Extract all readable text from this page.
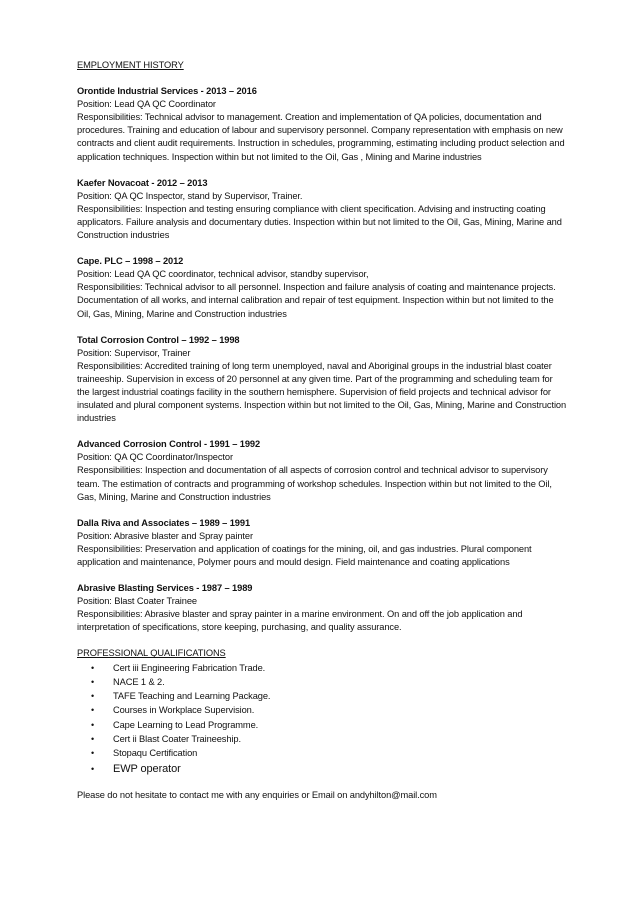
EMPLOYMENT HISTORY
Orontide Industrial Services - 2013 – 2016
Position: Lead QA QC Coordinator
Responsibilities: Technical advisor to management. Creation and implementation of QA policies, documentation and procedures. Training and education of labour and supervisory personnel. Company representation with emphasis on new contracts and client audit requirements. Instruction in schedules, programming, estimating including product selection and application techniques. Inspection within but not limited to the Oil, Gas , Mining and Marine industries
Kaefer Novacoat - 2012 – 2013
Position: QA QC Inspector, stand by Supervisor, Trainer.
Responsibilities: Inspection and testing ensuring compliance with client specification. Advising and instructing coating applicators. Failure analysis and documentary duties. Inspection within but not limited to the Oil, Gas, Mining, Marine and Construction industries
Cape. PLC – 1998 – 2012
Position: Lead QA QC coordinator, technical advisor, standby supervisor,
Responsibilities: Technical advisor to all personnel. Inspection and failure analysis of coating and maintenance projects. Documentation of all works, and internal calibration and repair of test equipment. Inspection within but not limited to the Oil, Gas, Mining, Marine and Construction industries
Total Corrosion Control – 1992 – 1998
Position: Supervisor, Trainer
Responsibilities: Accredited training of long term unemployed, naval and Aboriginal groups in the industrial blast coater traineeship. Supervision in excess of 20 personnel at any given time. Part of the programming and scheduling team for the largest industrial coatings facility in the southern hemisphere. Supervision of field projects and technical advisor for insulated and plural component systems. Inspection within but not limited to the Oil, Gas, Mining, Marine and Construction industries
Advanced Corrosion Control - 1991 – 1992
Position: QA QC Coordinator/Inspector
Responsibilities: Inspection and documentation of all aspects of corrosion control and technical advisor to supervisory team. The estimation of contracts and programming of workshop schedules. Inspection within but not limited to the Oil, Gas, Mining, Marine and Construction industries
Dalla Riva and Associates – 1989 – 1991
Position: Abrasive blaster and Spray painter
Responsibilities: Preservation and application of coatings for the mining, oil, and gas industries. Plural component application and maintenance, Polymer pours and mould design. Field maintenance and coating applications
Abrasive Blasting Services - 1987 – 1989
Position: Blast Coater Trainee
Responsibilities: Abrasive blaster and spray painter in a marine environment. On and off the job application and interpretation of specifications, store keeping, purchasing, and quality assurance.
PROFESSIONAL QUALIFICATIONS
• Cert iii Engineering Fabrication Trade.
• NACE 1 & 2.
• TAFE Teaching and Learning Package.
• Courses in Workplace Supervision.
• Cape Learning to Lead Programme.
• Cert ii Blast Coater Traineeship.
• Stopaqu Certification
• EWP operator
Please do not hesitate to contact me with any enquiries or Email on andyhilton@mail.com
